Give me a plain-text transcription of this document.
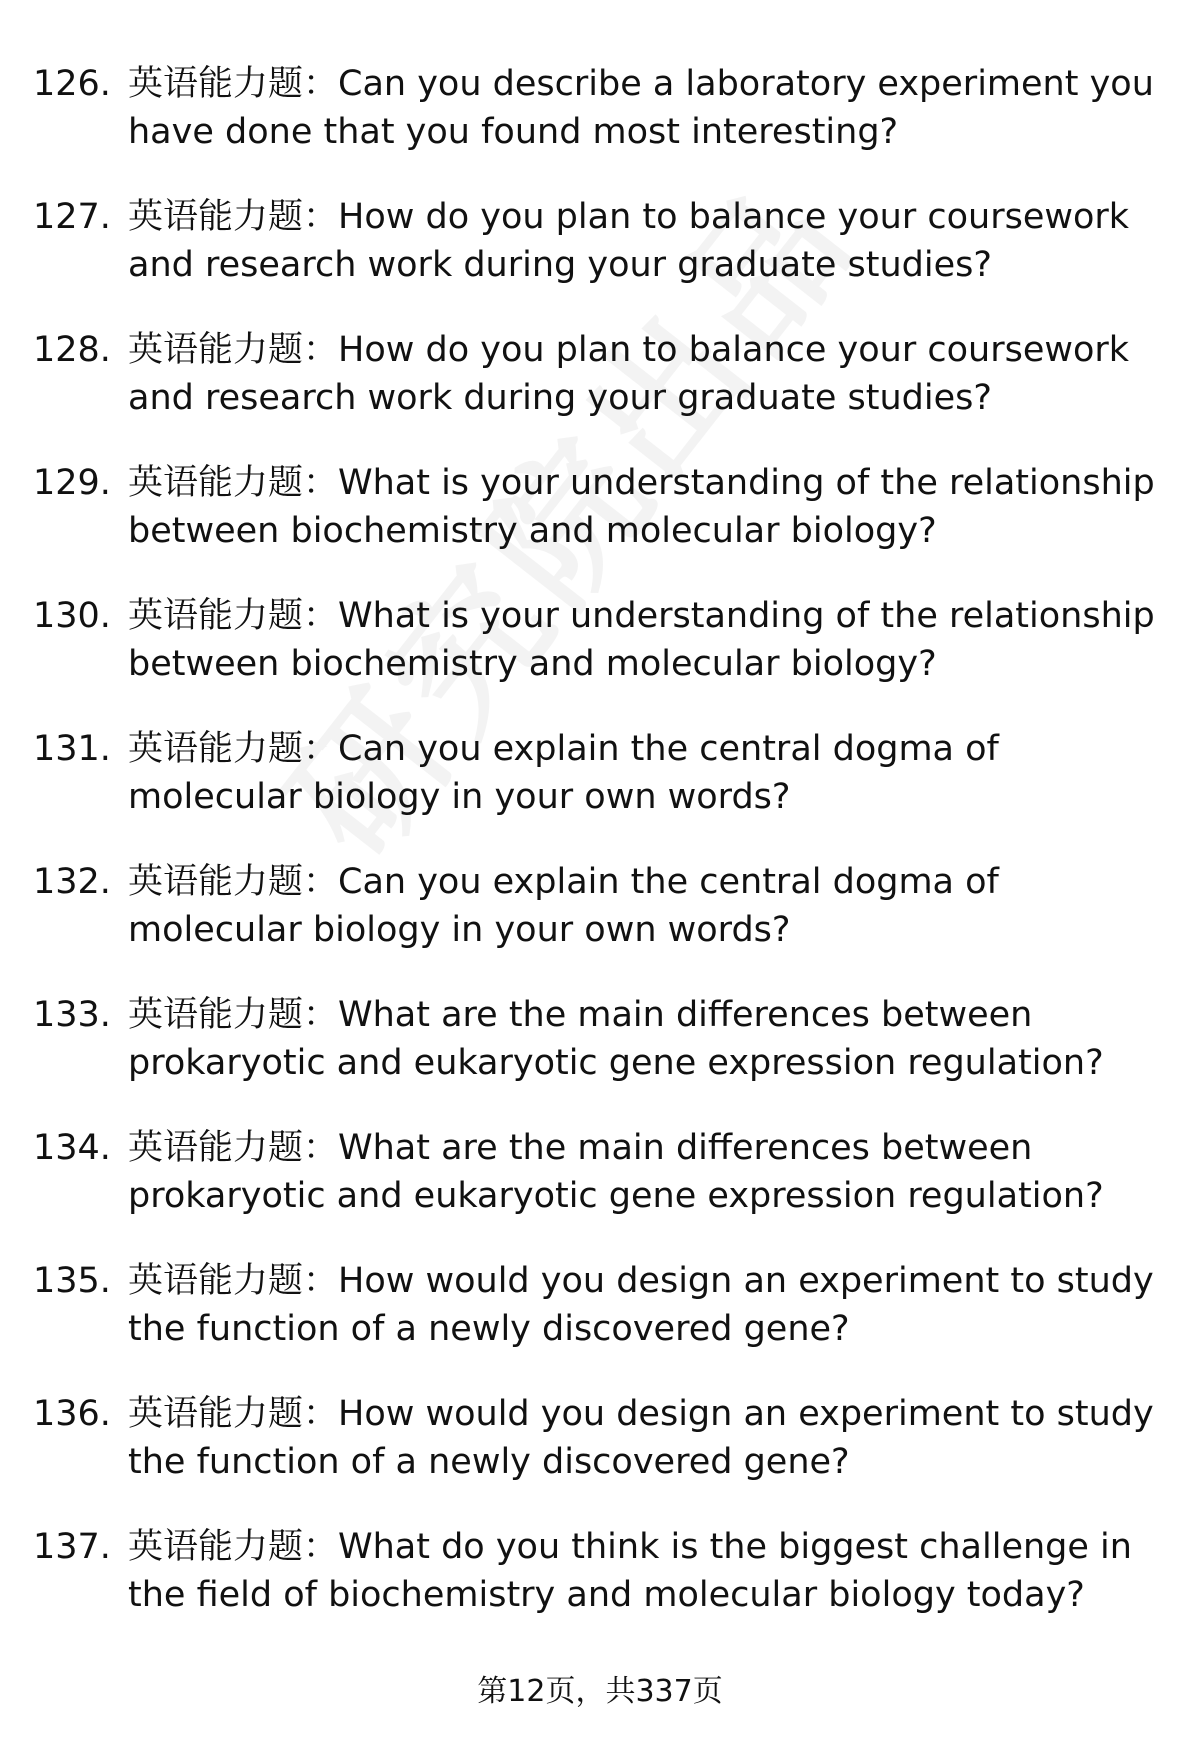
126. 英语能力题：Can you describe a laboratory experiment you
have done that you found most interesting?
127. 英语能力题：How do you plan to balance your coursework
and research work during your graduate studies?
128. 英语能力题：How do you plan to balance your coursework
and research work during your graduate studies?
129. 英语能力题：What is your understanding of the relationship
between biochemistry and molecular biology?
130. 英语能力题：What is your understanding of the relationship
between biochemistry and molecular biology?
131. 英语能力题：Can you explain the central dogma of
molecular biology in your own words?
132. 英语能力题：Can you explain the central dogma of
molecular biology in your own words?
133. 英语能力题：What are the main differences between
prokaryotic and eukaryotic gene expression regulation?
134. 英语能力题：What are the main differences between
prokaryotic and eukaryotic gene expression regulation?
135. 英语能力题：How would you design an experiment to study
the function of a newly discovered gene?
136. 英语能力题：How would you design an experiment to study
the function of a newly discovered gene?
137. 英语能力题：What do you think is the biggest challenge in
the field of biochemistry and molecular biology today?
第12页，共337页
